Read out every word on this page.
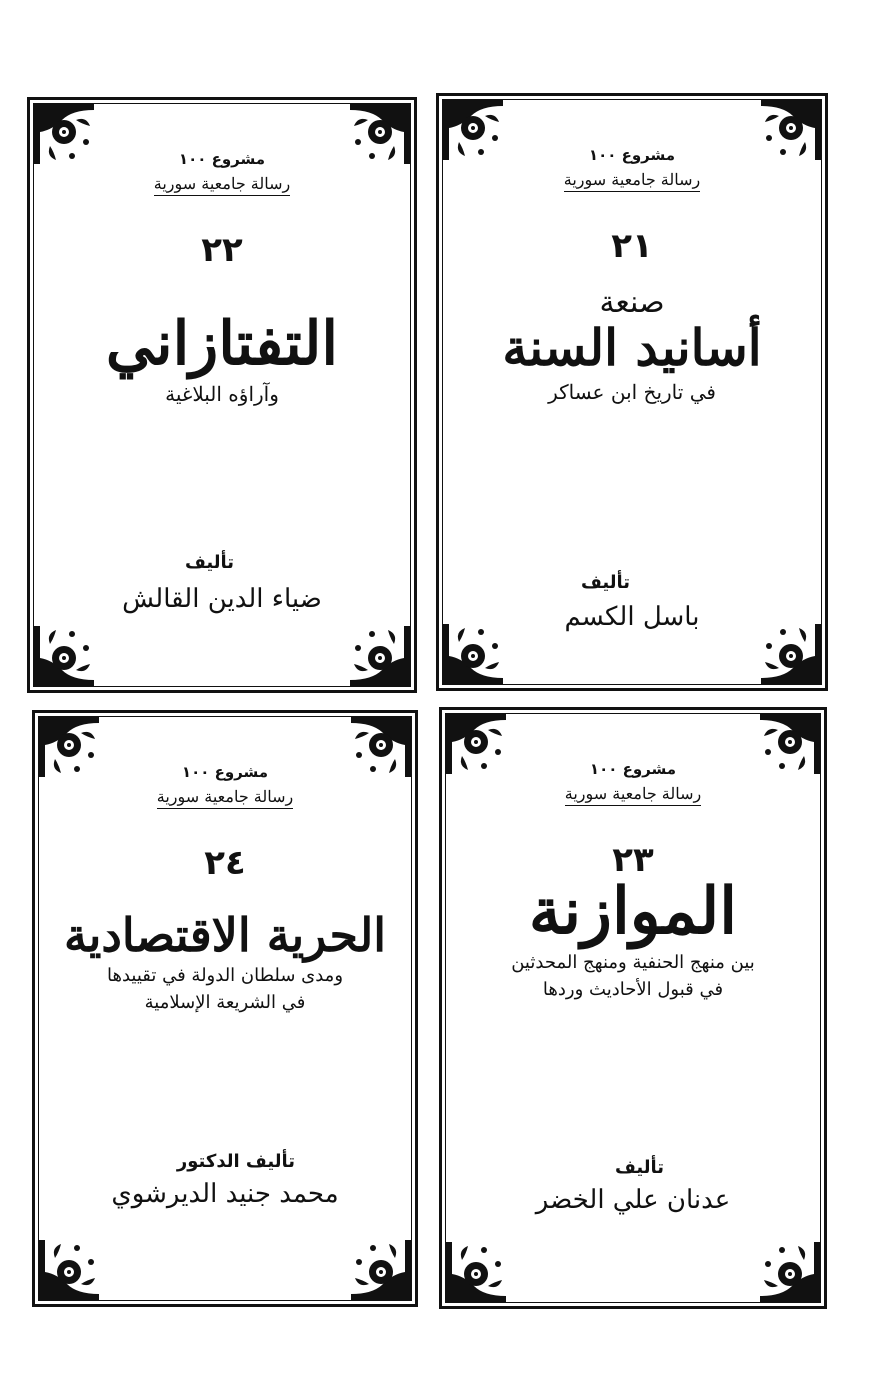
مشروع ١٠٠
رسالة جامعية سورية
٢٢
التفتازاني
وآراؤه البلاغية
تأليف
ضياء الدين القالش
مشروع ١٠٠
رسالة جامعية سورية
٢١
صنعة
أسانيد السنة
في تاريخ ابن عساكر
تأليف
باسل الكسم
مشروع ١٠٠
رسالة جامعية سورية
٢٤
الحرية الاقتصادية
ومدى سلطان الدولة في تقييدها
في الشريعة الإسلامية
تأليف الدكتور
محمد جنيد الديرشوي
مشروع ١٠٠
رسالة جامعية سورية
٢٣
الموازنة
بين منهج الحنفية ومنهج المحدثين
في قبول الأحاديث وردها
تأليف
عدنان علي الخضر
